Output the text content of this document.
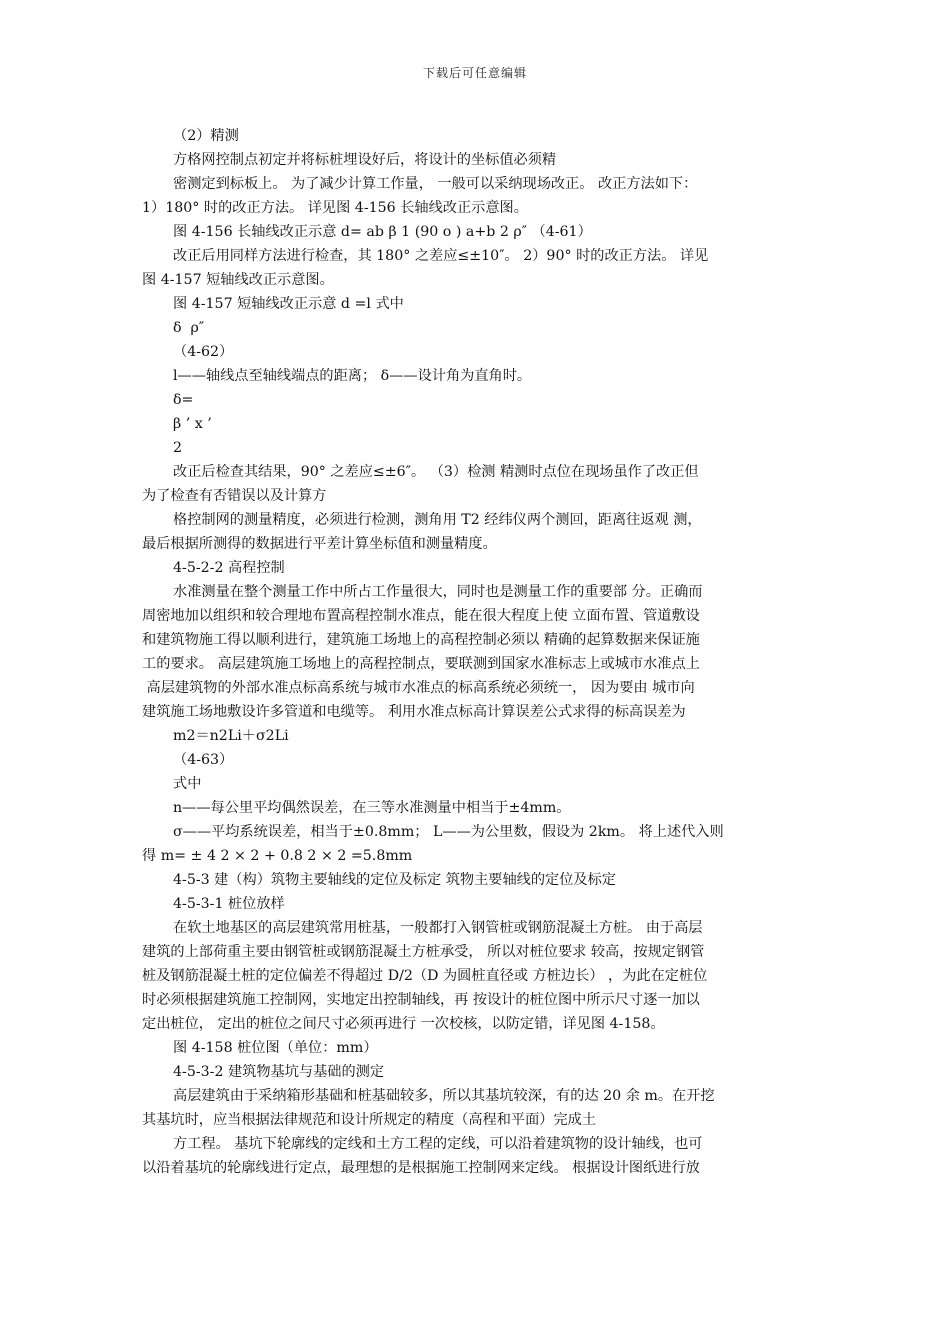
下载后可任意编辑
（2）精测
方格网控制点初定并将标桩埋设好后，将设计的坐标值必须精
密测定到标板上。 为了减少计算工作量， 一般可以采纳现场改正。 改正方法如下：
1）180° 时的改正方法。 详见图 4-156 长轴线改正示意图。
图 4-156 长轴线改正示意 d= ab β 1 (90 o ) a+b 2 ρ″ （4-61）
改正后用同样方法进行检查，其 180° 之差应≤±10″。 2）90° 时的改正方法。 详见
图 4-157 短轴线改正示意图。
图 4-157 短轴线改正示意 d =l 式中
δ  ρ″
（4-62）
l——轴线点至轴线端点的距离； δ——设计角为直角时。
δ=
β ’ x ’
2
改正后检查其结果，90° 之差应≤±6″。 （3）检测 精测时点位在现场虽作了改正但
为了检查有否错误以及计算方
格控制网的测量精度，必须进行检测，测角用 T2 经纬仪两个测回，距离往返观 测，
最后根据所测得的数据进行平差计算坐标值和测量精度。
4-5-2-2 高程控制
水准测量在整个测量工作中所占工作量很大，同时也是测量工作的重要部 分。正确而
周密地加以组织和较合理地布置高程控制水准点，能在很大程度上使 立面布置、管道敷设
和建筑物施工得以顺利进行，建筑施工场地上的高程控制必须以 精确的起算数据来保证施
工的要求。 高层建筑施工场地上的高程控制点，要联测到国家水准标志上或城市水准点上
高层建筑物的外部水准点标高系统与城市水准点的标高系统必须统一， 因为要由 城市向
建筑施工场地敷设许多管道和电缆等。 利用水准点标高计算误差公式求得的标高误差为
m2＝n2Li＋σ2Li
（4-63）
式中
n——每公里平均偶然误差，在三等水准测量中相当于±4mm。
σ——平均系统误差，相当于±0.8mm； L——为公里数，假设为 2km。 将上述代入则
得 m= ± 4 2 × 2 + 0.8 2 × 2 =5.8mm
4-5-3 建（构）筑物主要轴线的定位及标定 筑物主要轴线的定位及标定
4-5-3-1 桩位放样
在软土地基区的高层建筑常用桩基，一般都打入钢管桩或钢筋混凝土方桩。 由于高层
建筑的上部荷重主要由钢管桩或钢筋混凝土方桩承受， 所以对桩位要求 较高，按规定钢管
桩及钢筋混凝土桩的定位偏差不得超过 D/2（D 为圆桩直径或 方桩边长） ，为此在定桩位
时必须根据建筑施工控制网，实地定出控制轴线，再 按设计的桩位图中所示尺寸逐一加以
定出桩位， 定出的桩位之间尺寸必须再进行 一次校核，以防定错，详见图 4-158。
图 4-158 桩位图（单位：mm）
4-5-3-2 建筑物基坑与基础的测定
高层建筑由于采纳箱形基础和桩基础较多，所以其基坑较深，有的达 20 余 m。在开挖
其基坑时，应当根据法律规范和设计所规定的精度（高程和平面）完成土
方工程。 基坑下轮廓线的定线和土方工程的定线，可以沿着建筑物的设计轴线，也可
以沿着基坑的轮廓线进行定点，最理想的是根据施工控制网来定线。 根据设计图纸进行放
